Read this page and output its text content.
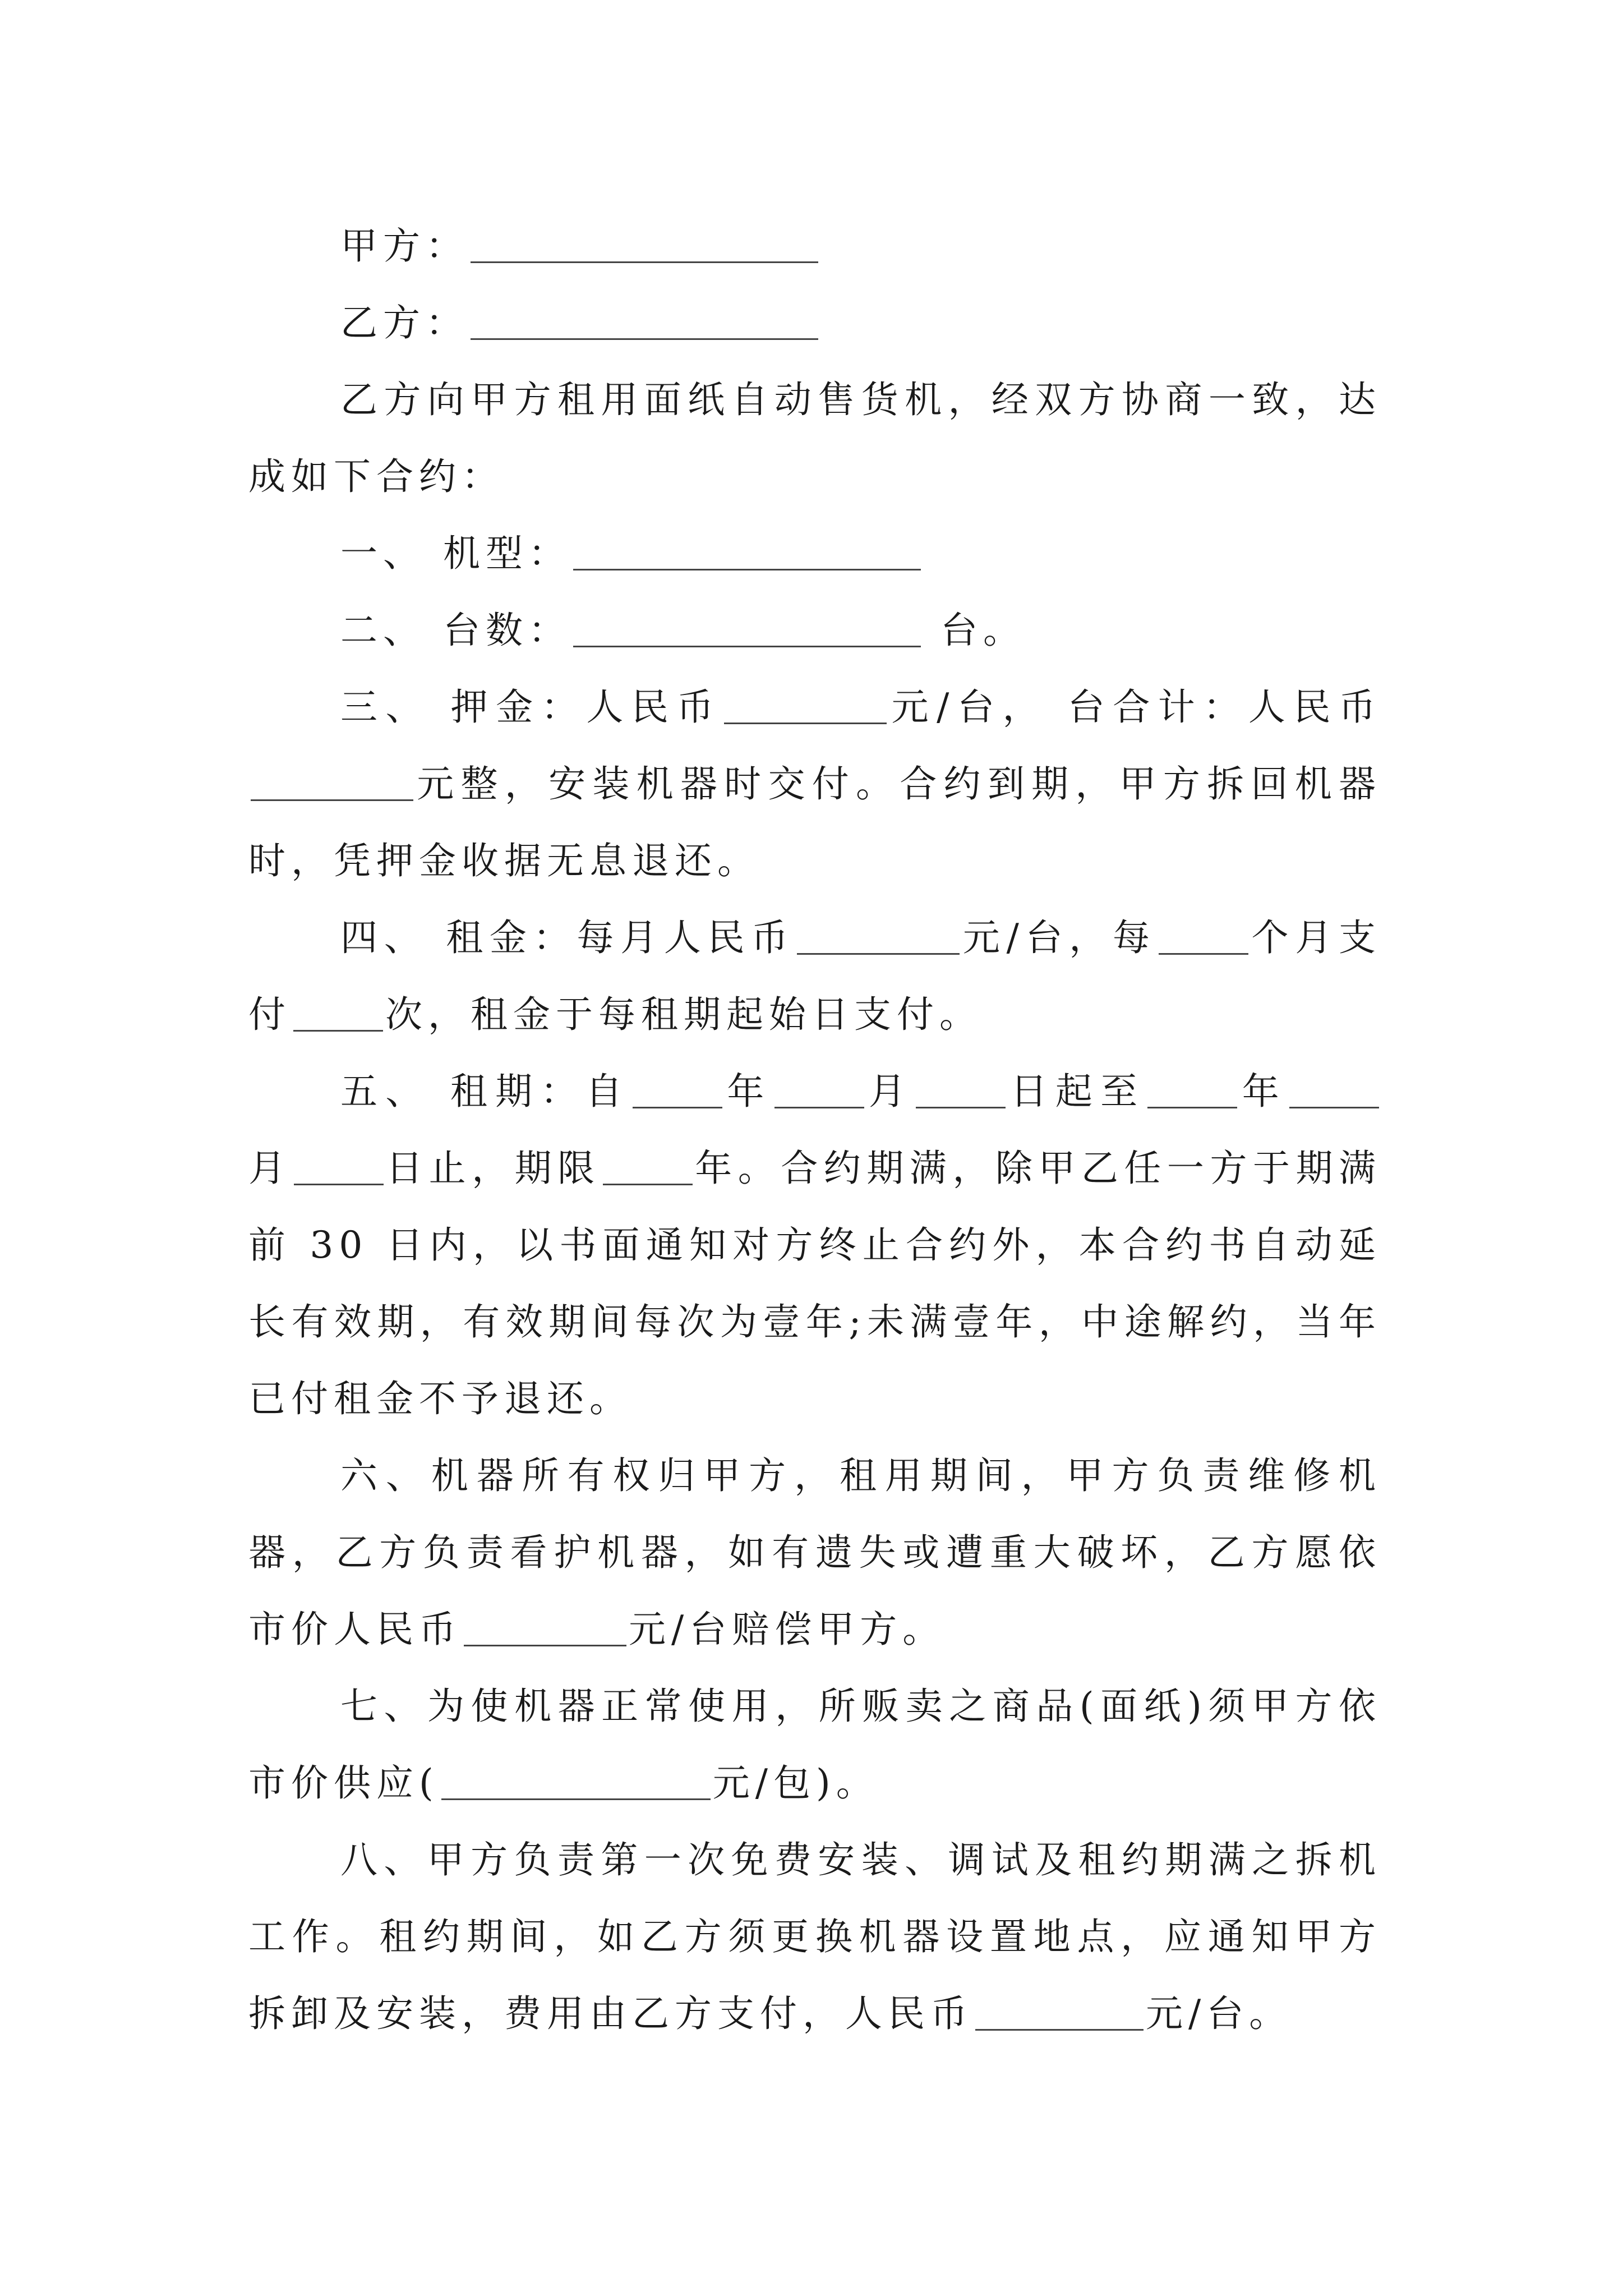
甲方：

乙方：

乙方向甲方租用面纸自动售货机，经双方协商一致，达成如下合约：

一、 机型：

二、 台数：	台。

三、 押金：人民币	元/台， 台合计：人民币元整，安装机器时交付。合约到期，甲方拆回机器时，凭押金收据无息退还。

四、 租金：每月人民币	元/台，每	个月支付	次，租金于每租期起始日支付。

五、 租期：自	年	月	日起至	年月	日止，期限	年。合约期满，除甲乙任一方于期满前 30 日内，以书面通知对方终止合约外，本合约书自动延长有效期，有效期间每次为壹年;未满壹年，中途解约，当年已付租金不予退还。

六、机器所有权归甲方，租用期间，甲方负责维修机器，乙方负责看护机器，如有遗失或遭重大破坏，乙方愿依市价人民币	元/台赔偿甲方。

七、为使机器正常使用，所贩卖之商品(面纸)须甲方依市价供应(	元/包)。

八、甲方负责第一次免费安装、调试及租约期满之拆机工作。租约期间，如乙方须更换机器设置地点，应通知甲方拆卸及安装，费用由乙方支付，人民币	元/台。
